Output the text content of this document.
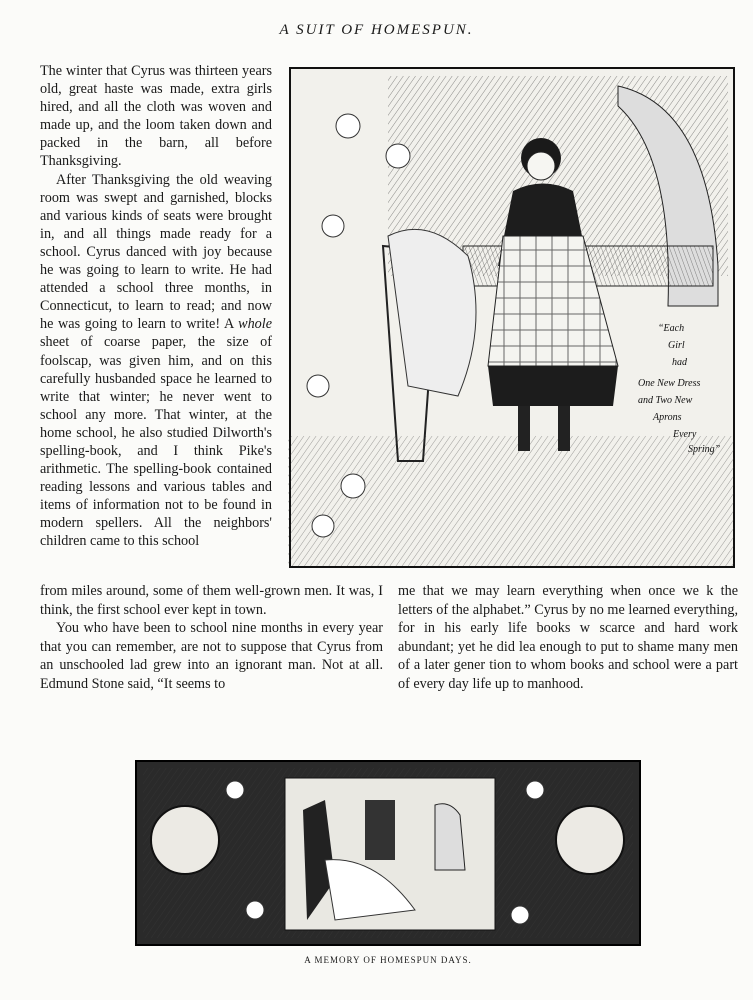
A SUIT OF HOMESPUN.

The winter that Cyrus was thirteen years old, great haste was made, extra girls hired, and all the cloth was woven and made up, and the loom taken down and packed in the barn, all before Thanksgiving.

After Thanksgiving the old weaving room was swept and garnished, blocks and various kinds of seats were brought in, and all things made ready for a school. Cyrus danced with joy because he was going to learn to write. He had attended a school three months, in Connecticut, to learn to read; and now he was going to learn to write! A whole sheet of coarse paper, the size of foolscap, was given him, and on this carefully husbanded space he learned to write that winter; he never went to school any more. That winter, at the home school, he also studied Dilworth's spelling-book, and I think Pike's arithmetic. The spelling-book contained reading lessons and various tables and items of information not to be found in modern spellers. All the neighbors' children came to this school

from miles around, some of them well-grown men. It was, I think, the first school ever kept in town.

You who have been to school nine months in every year that you can remember, are not to suppose that Cyrus from an unschooled lad grew into an ignorant man. Not at all. Edmund Stone said, “It seems to

me that we may learn everything when once we k the letters of the alphabet.” Cyrus by no me learned everything, for in his early life books w scarce and hard work abundant; yet he did lea enough to put to shame many men of a later gener tion to whom books and school were a part of every day life up to manhood.

“Each
Girl
had
One New Dress
and Two New
Aprons
Every
Spring”
A MEMORY OF HOMESPUN DAYS.
